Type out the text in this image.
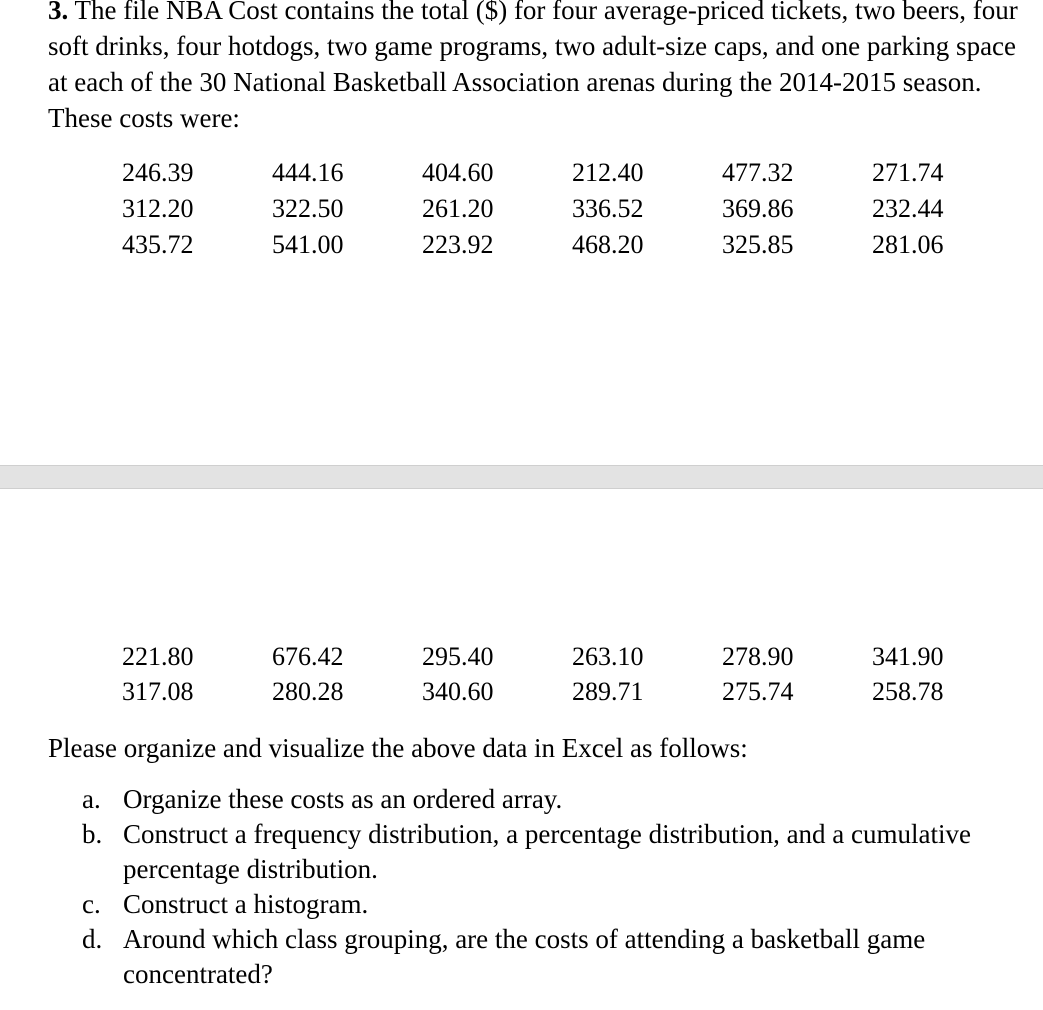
3. The file NBA Cost contains the total ($) for four average-priced tickets, two beers, four soft drinks, four hotdogs, two game programs, two adult-size caps, and one parking space at each of the 30 National Basketball Association arenas during the 2014-2015 season. These costs were:

246.39	444.16	404.60	212.40	477.32	271.74
312.20	322.50	261.20	336.52	369.86	232.44
435.72	541.00	223.92	468.20	325.85	281.06
221.80	676.42	295.40	263.10	278.90	341.90
317.08	280.28	340.60	289.71	275.74	258.78

Please organize and visualize the above data in Excel as follows:

a. Organize these costs as an ordered array.
b. Construct a frequency distribution, a percentage distribution, and a cumulative percentage distribution.
c. Construct a histogram.
d. Around which class grouping, are the costs of attending a basketball game concentrated?
